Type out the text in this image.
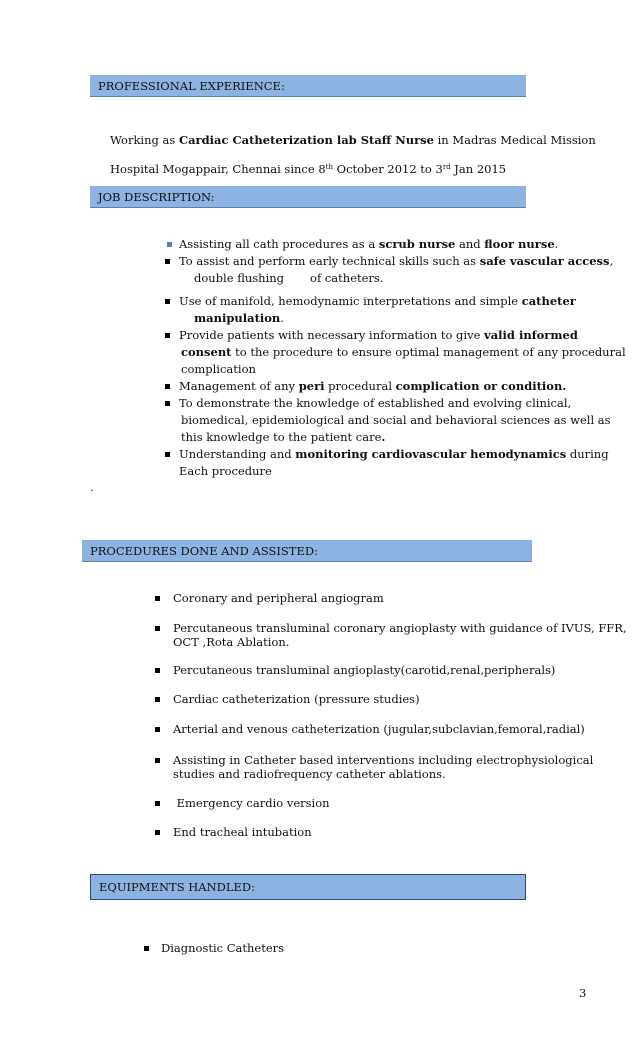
PROFESSIONAL EXPERIENCE:
Working as Cardiac Catheterization lab Staff Nurse in Madras Medical Mission
Hospital Mogappair, Chennai since 8th October 2012 to 3rd Jan 2015
JOB DESCRIPTION:
Assisting all cath procedures as a scrub nurse and floor nurse.
To assist and perform early technical skills such as safe vascular access,
double flushing of catheters.
Use of manifold, hemodynamic interpretations and simple catheter
manipulation.
Provide patients with necessary information to give valid informed
consent to the procedure to ensure optimal management of any procedural
complication
Management of any peri procedural complication or condition.
To demonstrate the knowledge of established and evolving clinical,
biomedical, epidemiological and social and behavioral sciences as well as
this knowledge to the patient care.
Understanding and monitoring cardiovascular hemodynamics during
Each procedure
.
PROCEDURES DONE AND ASSISTED:
Coronary and peripheral angiogram
Percutaneous transluminal coronary angioplasty with guidance of IVUS, FFR,
OCT ,Rota Ablation.
Percutaneous transluminal angioplasty(carotid,renal,peripherals)
Cardiac catheterization (pressure studies)
Arterial and venous catheterization (jugular,subclavian,femoral,radial)
Assisting in Catheter based interventions including electrophysiological
studies and radiofrequency catheter ablations.
Emergency cardio version
End tracheal intubation
EQUIPMENTS HANDLED:
Diagnostic Catheters
3
